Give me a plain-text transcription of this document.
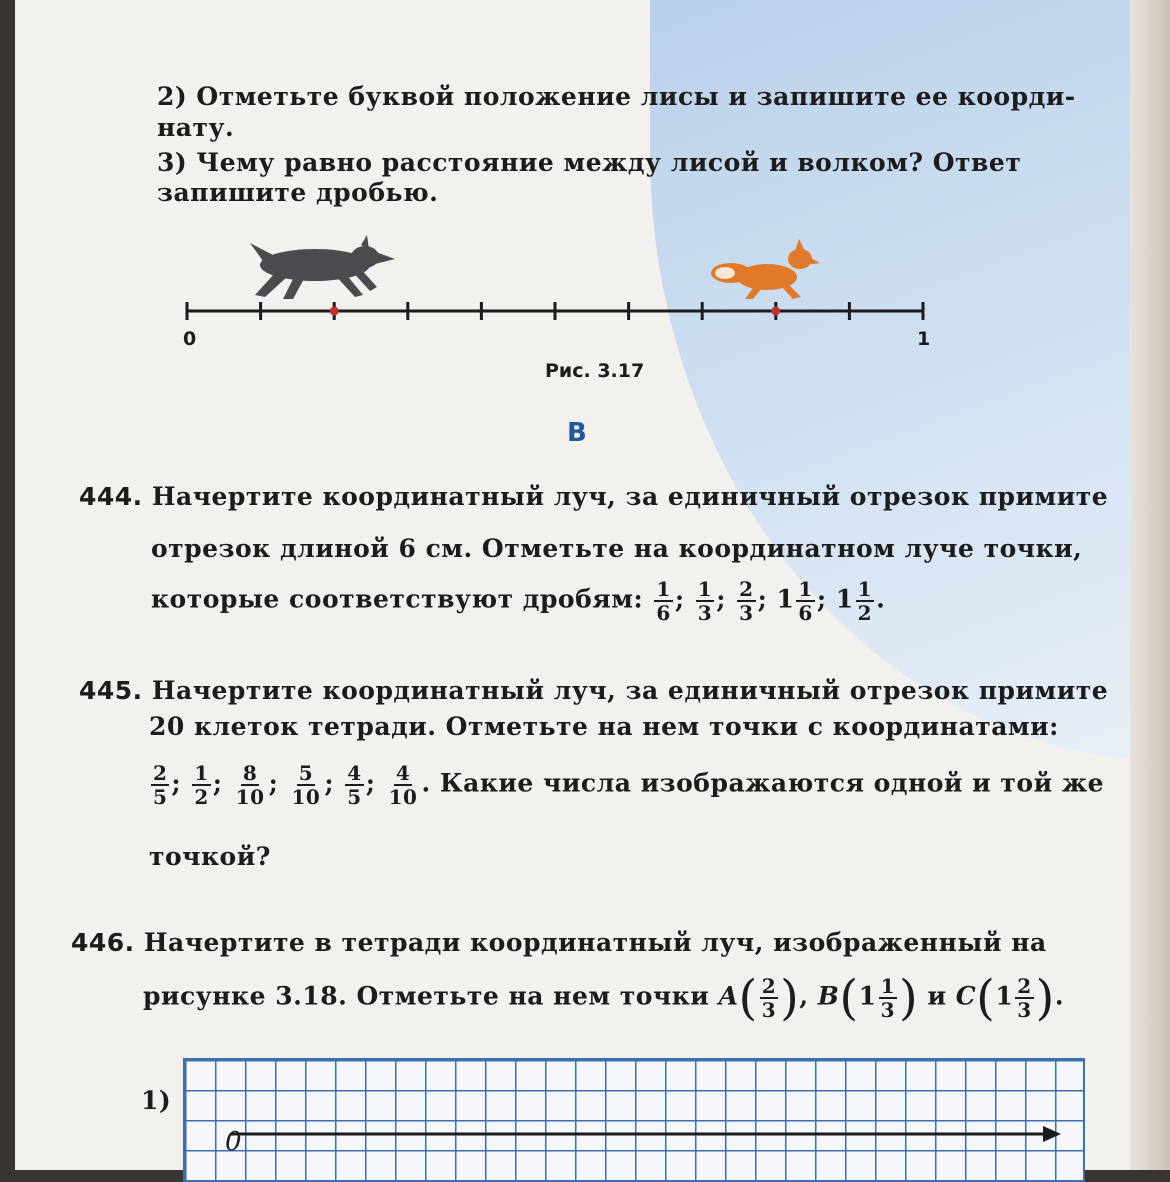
2) Отметьте буквой положение лисы и запишите ее коорди-
нату.
3) Чему равно расстояние между лисой и волком? Ответ
запишите дробью.
0	1
Рис. 3.17
В
444. Начертите координатный луч, за единичный отрезок примите
отрезок длиной 6 см. Отметьте на координатном луче точки,
которые соответствуют дробям: $\frac{1}{6}$ ; $\frac{1}{3}$ ; $\frac{2}{3}$ ; $1 \frac{1}{6}$ ; $1 \frac{1}{2}$ .
445. Начертите координатный луч, за единичный отрезок примите
20 клеток тетради. Отметьте на нем точки с координатами:
$\frac{2}{5}$ ; $\frac{1}{2}$ ; $\frac{8}{10}$ ; $\frac{5}{10}$ ; $\frac{4}{5}$ ; $\frac{4}{10}$ . Какие числа изображаются одной и той же
точкой?
446. Начертите в тетради координатный луч, изображенный на
рисунке 3.18. Отметьте на нем точки $A( \frac{2}{3}$ ), $B(1 \frac{1}{3}$ ) и $C(1 \frac{2}{3}$ ).
1)
0
